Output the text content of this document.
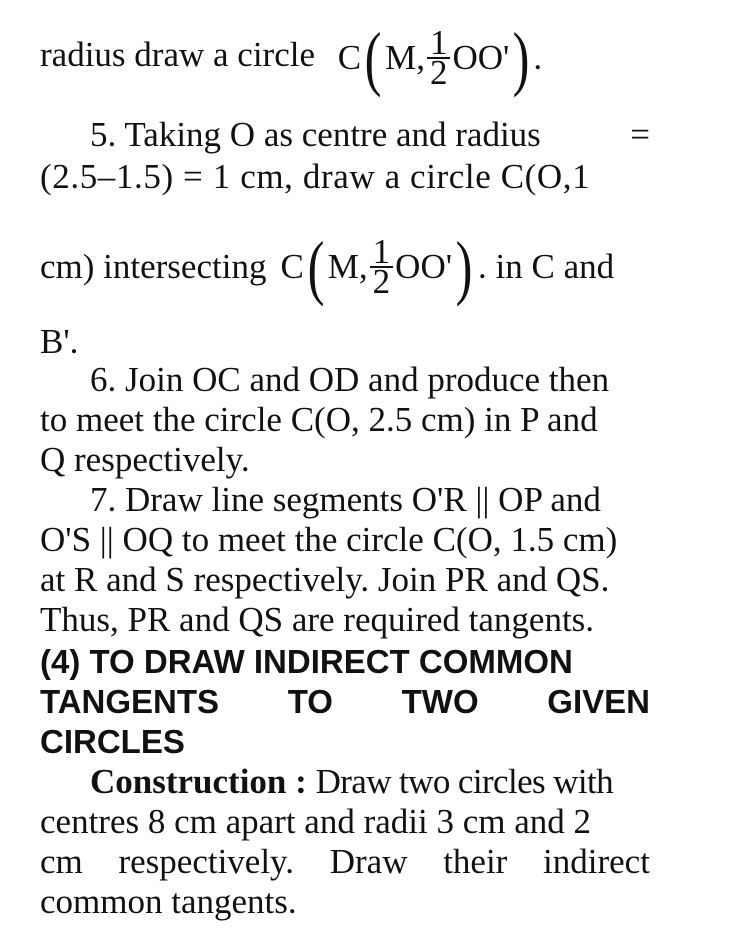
radius draw a circle C ( M, $\frac{1}{2} OO'$ ) .
5. Taking O as centre and radius	=
(2.5–1.5) = 1 cm, draw a circle C(O,1
cm) intersecting C ( M, $\frac{1}{2} OO'$ ) . in C and
B'.
6. Join OC and OD and produce then
to meet the circle C(O, 2.5 cm) in P and
Q respectively.
7. Draw line segments O'R || OP and
O'S || OQ to meet the circle C(O, 1.5 cm)
at R and S respectively. Join PR and QS.
Thus, PR and QS are required tangents.
(4) TO DRAW INDIRECT COMMON
TANGENTS TO TWO GIVEN
CIRCLES
Construction : Draw two circles with
centres 8 cm apart and radii 3 cm and 2
cm respectively. Draw their indirect
common tangents.
